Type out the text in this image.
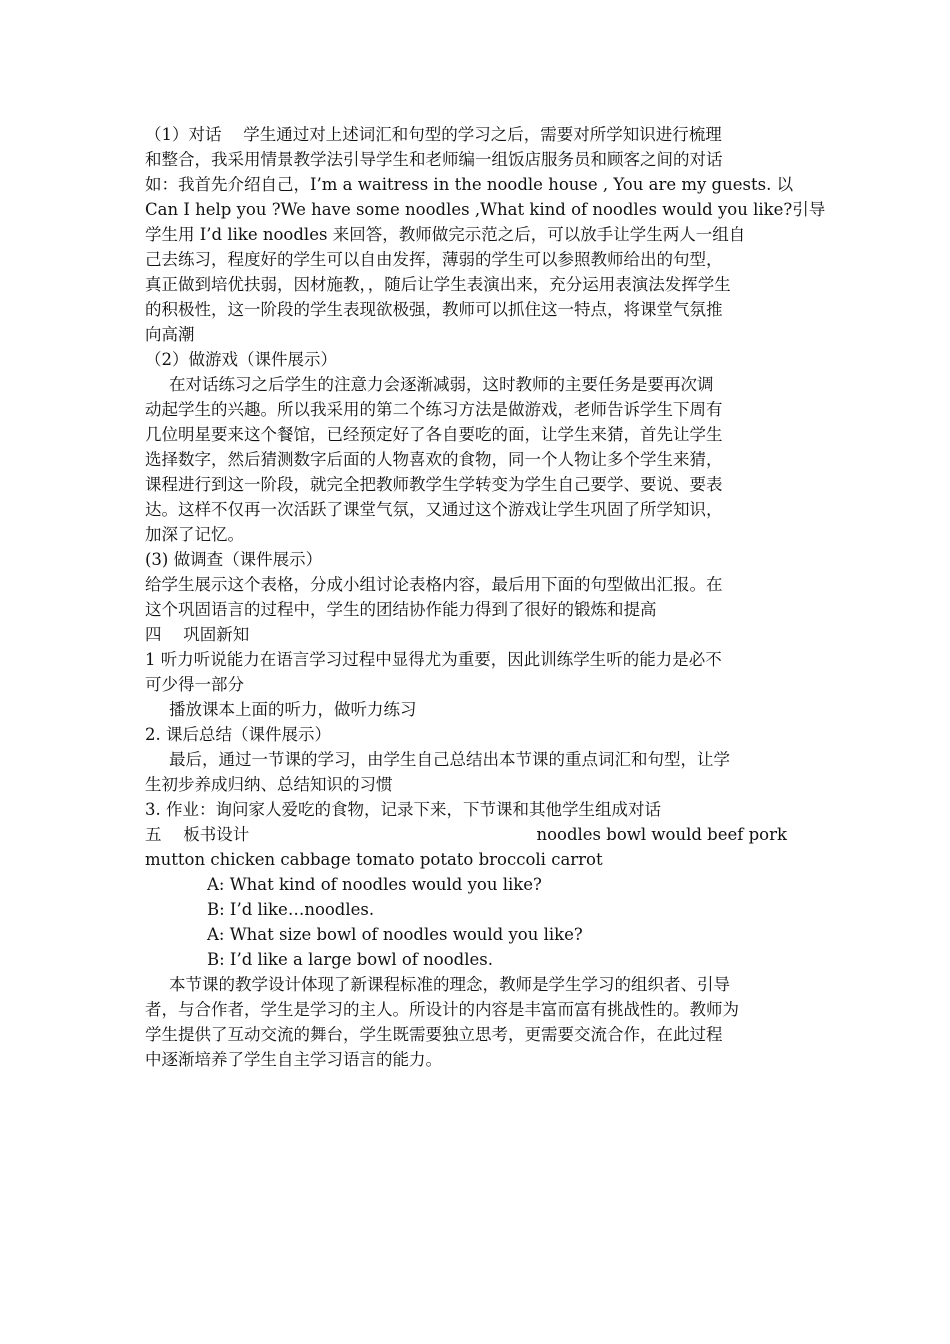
（1）对话　 学生通过对上述词汇和句型的学习之后，需要对所学知识进行梳理
和整合，我采用情景教学法引导学生和老师编一组饭店服务员和顾客之间的对话
如：我首先介绍自己，I’m a waitress in the noodle house , You are my guests. 以
Can I help you ?We have some noodles ,What kind of noodles would you like?引导
学生用 I’d like noodles 来回答，教师做完示范之后，可以放手让学生两人一组自
己去练习，程度好的学生可以自由发挥，薄弱的学生可以参照教师给出的句型，
真正做到培优扶弱，因材施教，，随后让学生表演出来，充分运用表演法发挥学生
的积极性，这一阶段的学生表现欲极强，教师可以抓住这一特点，将课堂气氛推
向高潮
（2）做游戏（课件展示）
在对话练习之后学生的注意力会逐渐减弱，这时教师的主要任务是要再次调
动起学生的兴趣。所以我采用的第二个练习方法是做游戏，老师告诉学生下周有
几位明星要来这个餐馆，已经预定好了各自要吃的面，让学生来猜，首先让学生
选择数字，然后猜测数字后面的人物喜欢的食物，同一个人物让多个学生来猜，
课程进行到这一阶段，就完全把教师教学生学转变为学生自己要学、要说、要表
达。这样不仅再一次活跃了课堂气氛，又通过这个游戏让学生巩固了所学知识，
加深了记忆。
(3) 做调查（课件展示）
给学生展示这个表格，分成小组讨论表格内容，最后用下面的句型做出汇报。在
这个巩固语言的过程中，学生的团结协作能力得到了很好的锻炼和提高
四　 巩固新知
1 听力听说能力在语言学习过程中显得尤为重要，因此训练学生听的能力是必不
可少得一部分
播放课本上面的听力，做听力练习
2. 课后总结（课件展示）
最后，通过一节课的学习，由学生自己总结出本节课的重点词汇和句型，让学
生初步养成归纳、总结知识的习惯
3. 作业：询问家人爱吃的食物，记录下来，下节课和其他学生组成对话
五　 板书设计	noodles bowl would beef pork
mutton chicken cabbage tomato potato broccoli carrot
A: What kind of noodles would you like?
B: I’d like…noodles.
A: What size bowl of noodles would you like?
B: I’d like a large bowl of noodles.
本节课的教学设计体现了新课程标准的理念，教师是学生学习的组织者、引导
者，与合作者，学生是学习的主人。所设计的内容是丰富而富有挑战性的。教师为
学生提供了互动交流的舞台，学生既需要独立思考，更需要交流合作，在此过程
中逐渐培养了学生自主学习语言的能力。
